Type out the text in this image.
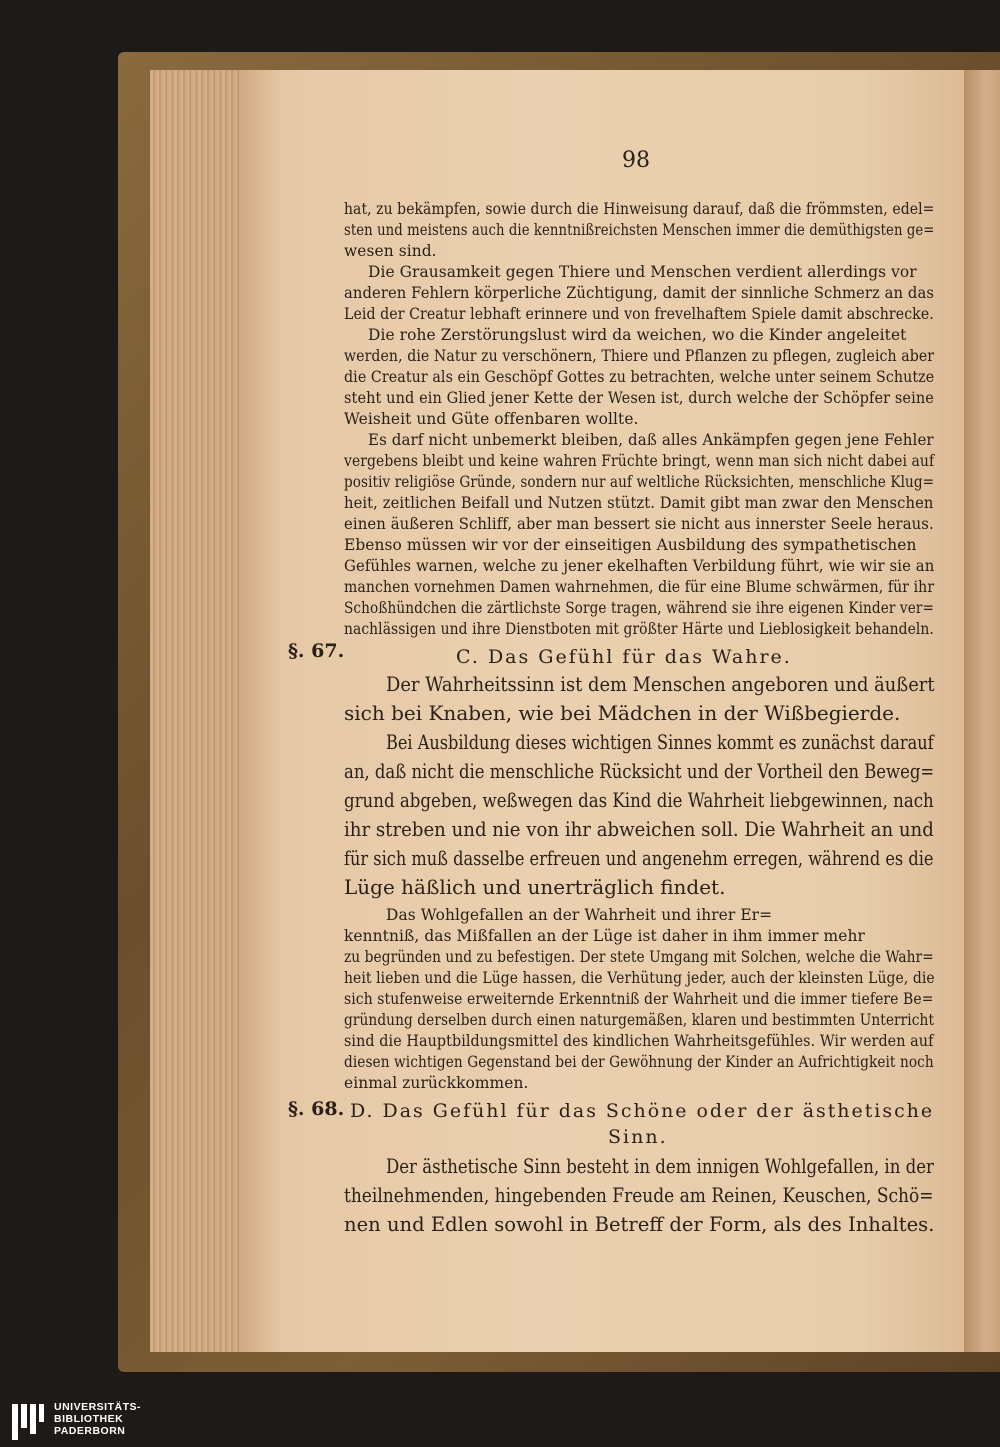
98
hat, zu bekämpfen, sowie durch die Hinweisung darauf, daß die frömmsten, edel=
sten und meistens auch die kenntnißreichsten Menschen immer die demüthigsten ge=
wesen sind.
Die Grausamkeit gegen Thiere und Menschen verdient allerdings vor
anderen Fehlern körperliche Züchtigung, damit der sinnliche Schmerz an das
Leid der Creatur lebhaft erinnere und von frevelhaftem Spiele damit abschrecke.
Die rohe Zerstörungslust wird da weichen, wo die Kinder angeleitet
werden, die Natur zu verschönern, Thiere und Pflanzen zu pflegen, zugleich aber
die Creatur als ein Geschöpf Gottes zu betrachten, welche unter seinem Schutze
steht und ein Glied jener Kette der Wesen ist, durch welche der Schöpfer seine
Weisheit und Güte offenbaren wollte.
Es darf nicht unbemerkt bleiben, daß alles Ankämpfen gegen jene Fehler
vergebens bleibt und keine wahren Früchte bringt, wenn man sich nicht dabei auf
positiv religiöse Gründe, sondern nur auf weltliche Rücksichten, menschliche Klug=
heit, zeitlichen Beifall und Nutzen stützt. Damit gibt man zwar den Menschen
einen äußeren Schliff, aber man bessert sie nicht aus innerster Seele heraus.
Ebenso müssen wir vor der einseitigen Ausbildung des sympathetischen
Gefühles warnen, welche zu jener ekelhaften Verbildung führt, wie wir sie an
manchen vornehmen Damen wahrnehmen, die für eine Blume schwärmen, für ihr
Schoßhündchen die zärtlichste Sorge tragen, während sie ihre eigenen Kinder ver=
nachlässigen und ihre Dienstboten mit größter Härte und Lieblosigkeit behandeln.
§. 67.	C. Das Gefühl für das Wahre.
Der Wahrheitssinn ist dem Menschen angeboren und äußert
sich bei Knaben, wie bei Mädchen in der Wißbegierde.
Bei Ausbildung dieses wichtigen Sinnes kommt es zunächst darauf
an, daß nicht die menschliche Rücksicht und der Vortheil den Beweg=
grund abgeben, weßwegen das Kind die Wahrheit liebgewinnen, nach
ihr streben und nie von ihr abweichen soll. Die Wahrheit an und
für sich muß dasselbe erfreuen und angenehm erregen, während es die
Lüge häßlich und unerträglich findet.
Das Wohlgefallen an der Wahrheit und ihrer Er=
kenntniß, das Mißfallen an der Lüge ist daher in ihm immer mehr
zu begründen und zu befestigen. Der stete Umgang mit Solchen, welche die Wahr=
heit lieben und die Lüge hassen, die Verhütung jeder, auch der kleinsten Lüge, die
sich stufenweise erweiternde Erkenntniß der Wahrheit und die immer tiefere Be=
gründung derselben durch einen naturgemäßen, klaren und bestimmten Unterricht
sind die Hauptbildungsmittel des kindlichen Wahrheitsgefühles. Wir werden auf
diesen wichtigen Gegenstand bei der Gewöhnung der Kinder an Aufrichtigkeit noch
einmal zurückkommen.
§. 68. D. Das Gefühl für das Schöne oder der ästhetische
Sinn.
Der ästhetische Sinn besteht in dem innigen Wohlgefallen, in der
theilnehmenden, hingebenden Freude am Reinen, Keuschen, Schö=
nen und Edlen sowohl in Betreff der Form, als des Inhaltes.
UNIVERSITÄTS-
BIBLIOTHEK
PADERBORN
